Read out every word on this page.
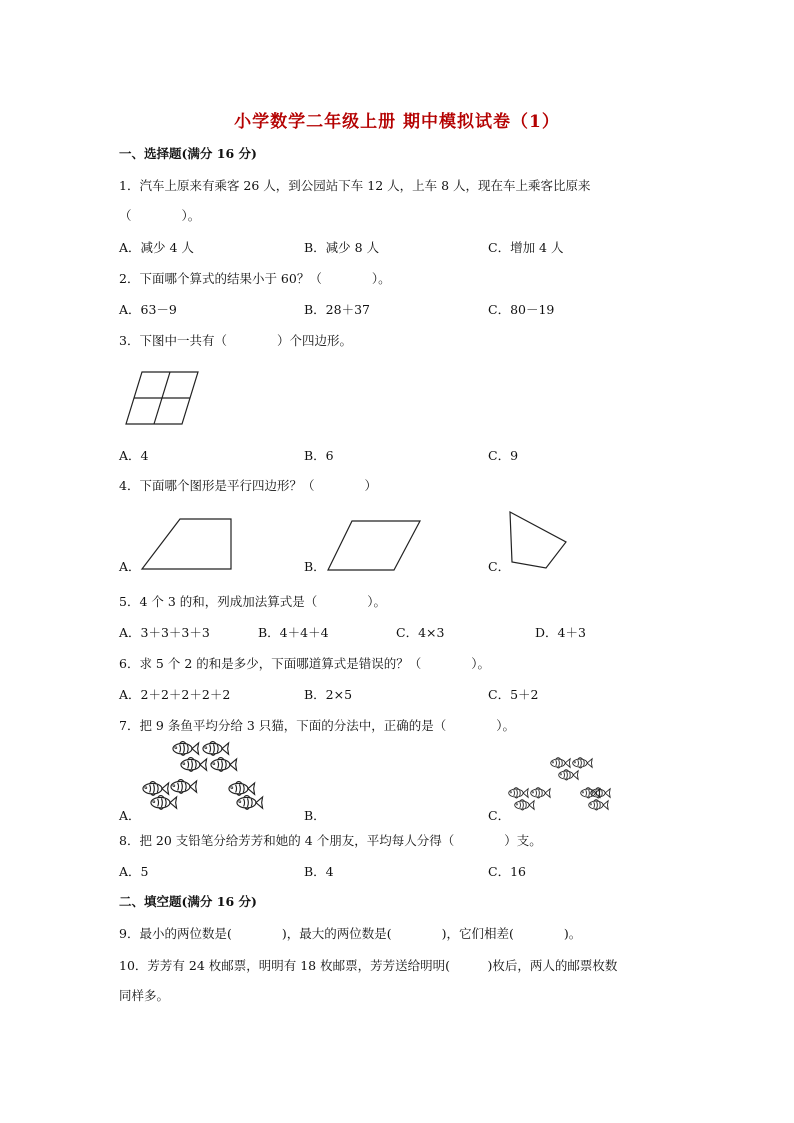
小学数学二年级上册 期中模拟试卷（1）
一、选择题(满分 16 分)
1．汽车上原来有乘客 26 人，到公园站下车 12 人，上车 8 人，现在车上乘客比原来
（　　　　）。
A．减少 4 人	B．减少 8 人	C．增加 4 人
2．下面哪个算式的结果小于 60？（　　　　）。
A．63－9	B．28＋37	C．80－19
3．下图中一共有（　　　　）个四边形。
A．4	B．6	C．9
4．下面哪个图形是平行四边形？（　　　　）
A．	B．	C．
5．4 个 3 的和，列成加法算式是（　　　　）。
A．3＋3＋3＋3	B．4＋4＋4	C．4×3	D．4＋3
6．求 5 个 2 的和是多少，下面哪道算式是错误的？（　　　　）。
A．2＋2＋2＋2＋2	B．2×5	C．5＋2
7．把 9 条鱼平均分给 3 只猫，下面的分法中，正确的是（　　　　）。
A．	B．	C．
8．把 20 支铅笔分给芳芳和她的 4 个朋友，平均每人分得（　　　　）支。
A．5	B．4	C．16
二、填空题(满分 16 分)
9．最小的两位数是(　　　　)，最大的两位数是(　　　　)，它们相差(　　　　)。
10．芳芳有 24 枚邮票，明明有 18 枚邮票，芳芳送给明明(　　　)枚后，两人的邮票枚数
同样多。
